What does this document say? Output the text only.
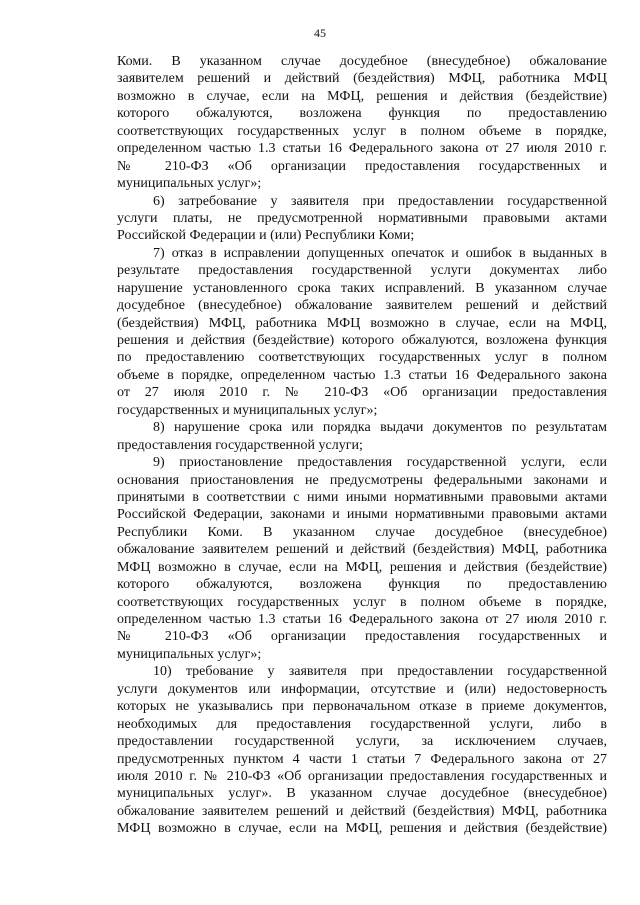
45
Коми. В указанном случае досудебное (внесудебное) обжалование
заявителем решений и действий (бездействия) МФЦ, работника МФЦ
возможно в случае, если на МФЦ, решения и действия (бездействие)
которого обжалуются, возложена функция по предоставлению
соответствующих государственных услуг в полном объеме в порядке,
определенном частью 1.3 статьи 16 Федерального закона от 27 июля 2010 г.
№ 210-ФЗ «Об организации предоставления государственных и
муниципальных услуг»;
6) затребование у заявителя при предоставлении государственной
услуги платы, не предусмотренной нормативными правовыми актами
Российской Федерации и (или) Республики Коми;
7) отказ в исправлении допущенных опечаток и ошибок в выданных в
результате предоставления государственной услуги документах либо
нарушение установленного срока таких исправлений. В указанном случае
досудебное (внесудебное) обжалование заявителем решений и действий
(бездействия) МФЦ, работника МФЦ возможно в случае, если на МФЦ,
решения и действия (бездействие) которого обжалуются, возложена функция
по предоставлению соответствующих государственных услуг в полном
объеме в порядке, определенном частью 1.3 статьи 16 Федерального закона
от 27 июля 2010 г. № 210-ФЗ «Об организации предоставления
государственных и муниципальных услуг»;
8) нарушение срока или порядка выдачи документов по результатам
предоставления государственной услуги;
9) приостановление предоставления государственной услуги, если
основания приостановления не предусмотрены федеральными законами и
принятыми в соответствии с ними иными нормативными правовыми актами
Российской Федерации, законами и иными нормативными правовыми актами
Республики Коми. В указанном случае досудебное (внесудебное)
обжалование заявителем решений и действий (бездействия) МФЦ, работника
МФЦ возможно в случае, если на МФЦ, решения и действия (бездействие)
которого обжалуются, возложена функция по предоставлению
соответствующих государственных услуг в полном объеме в порядке,
определенном частью 1.3 статьи 16 Федерального закона от 27 июля 2010 г.
№ 210-ФЗ «Об организации предоставления государственных и
муниципальных услуг»;
10) требование у заявителя при предоставлении государственной
услуги документов или информации, отсутствие и (или) недостоверность
которых не указывались при первоначальном отказе в приеме документов,
необходимых для предоставления государственной услуги, либо в
предоставлении государственной услуги, за исключением случаев,
предусмотренных пунктом 4 части 1 статьи 7 Федерального закона от 27
июля 2010 г. № 210-ФЗ «Об организации предоставления государственных и
муниципальных услуг». В указанном случае досудебное (внесудебное)
обжалование заявителем решений и действий (бездействия) МФЦ, работника
МФЦ возможно в случае, если на МФЦ, решения и действия (бездействие)
